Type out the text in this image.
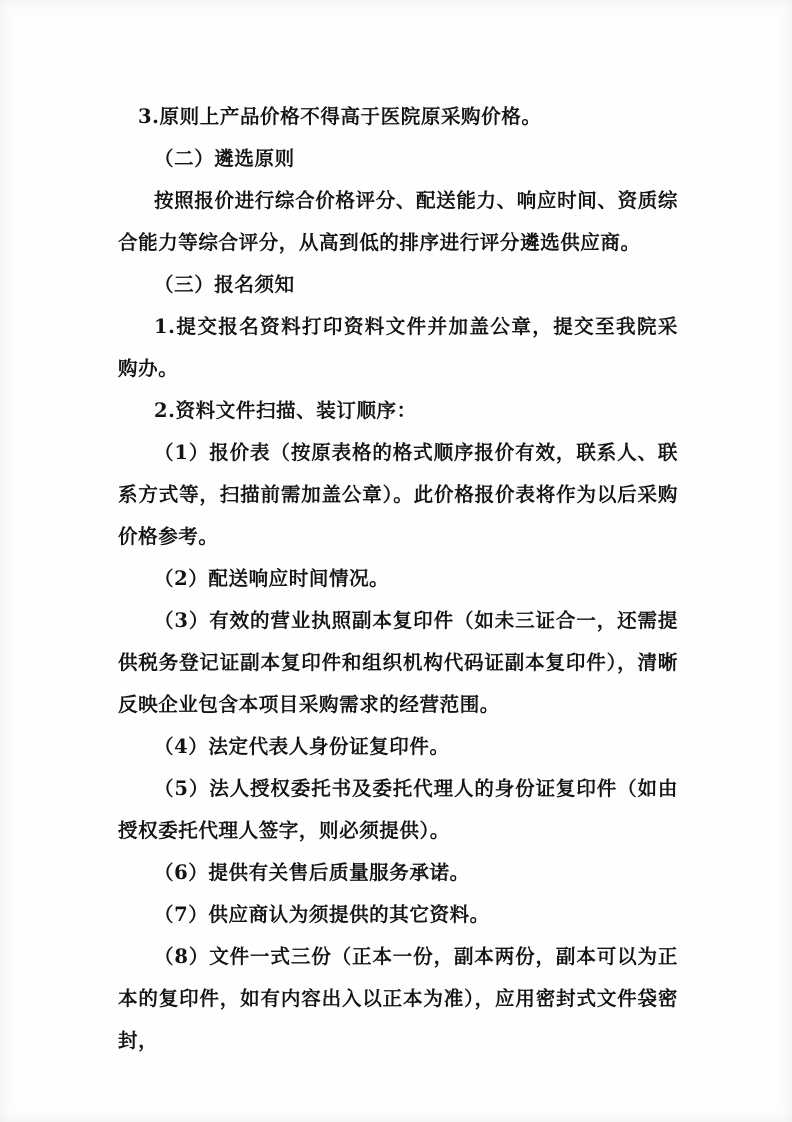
3.原则上产品价格不得高于医院原采购价格。

（二）遴选原则

按照报价进行综合价格评分、配送能力、响应时间、资质综合能力等综合评分，从高到低的排序进行评分遴选供应商。

（三）报名须知

1.提交报名资料打印资料文件并加盖公章，提交至我院采购办。

2.资料文件扫描、装订顺序：

（1）报价表（按原表格的格式顺序报价有效，联系人、联系方式等，扫描前需加盖公章）。此价格报价表将作为以后采购价格参考。

（2）配送响应时间情况。

（3）有效的营业执照副本复印件（如未三证合一，还需提供税务登记证副本复印件和组织机构代码证副本复印件），清晰反映企业包含本项目采购需求的经营范围。

（4）法定代表人身份证复印件。

（5）法人授权委托书及委托代理人的身份证复印件（如由授权委托代理人签字，则必须提供）。

（6）提供有关售后质量服务承诺。

（7）供应商认为须提供的其它资料。

（8）文件一式三份（正本一份，副本两份，副本可以为正本的复印件，如有内容出入以正本为准），应用密封式文件袋密封，
